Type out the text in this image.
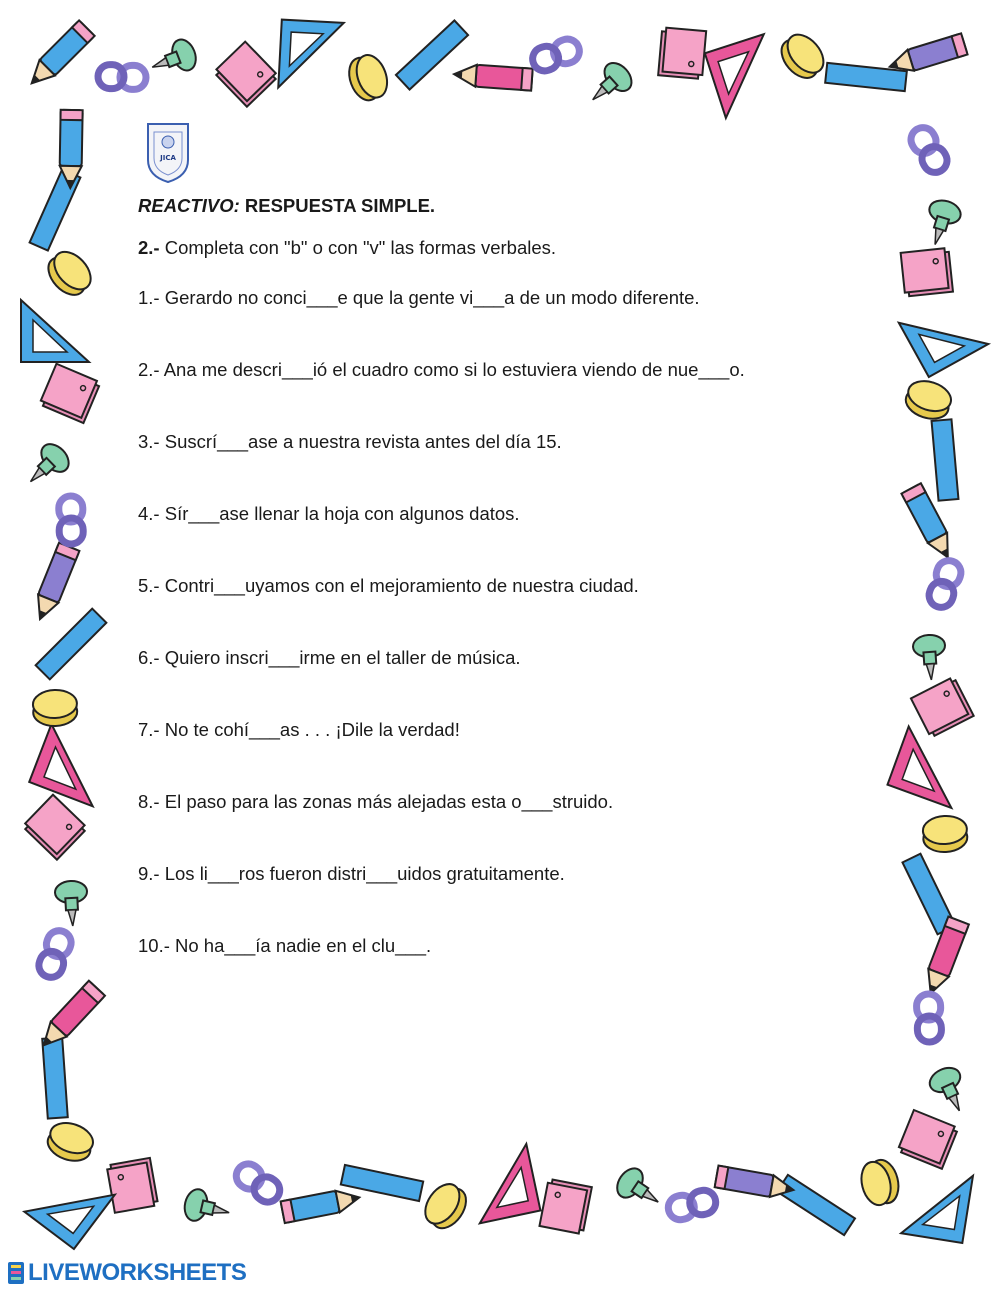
JICA
REACTIVO: RESPUESTA SIMPLE.
2.- Completa con "b" o con "v" las formas verbales.
1.- Gerardo no conci___e que la gente vi___a de un modo diferente.
2.- Ana me descri___ió el cuadro como si lo estuviera viendo de nue___o.
3.- Suscrí___ase a nuestra revista antes del día 15.
4.- Sír___ase llenar la hoja con algunos datos.
5.- Contri___uyamos con el mejoramiento de nuestra ciudad.
6.- Quiero inscri___irme en el taller de música.
7.- No te cohí___as . . . ¡Dile la verdad!
8.- El paso para las zonas más alejadas esta o___struido.
9.- Los li___ros fueron distri___uidos gratuitamente.
10.- No ha___ía nadie en el clu___.
LIVEWORKSHEETS
